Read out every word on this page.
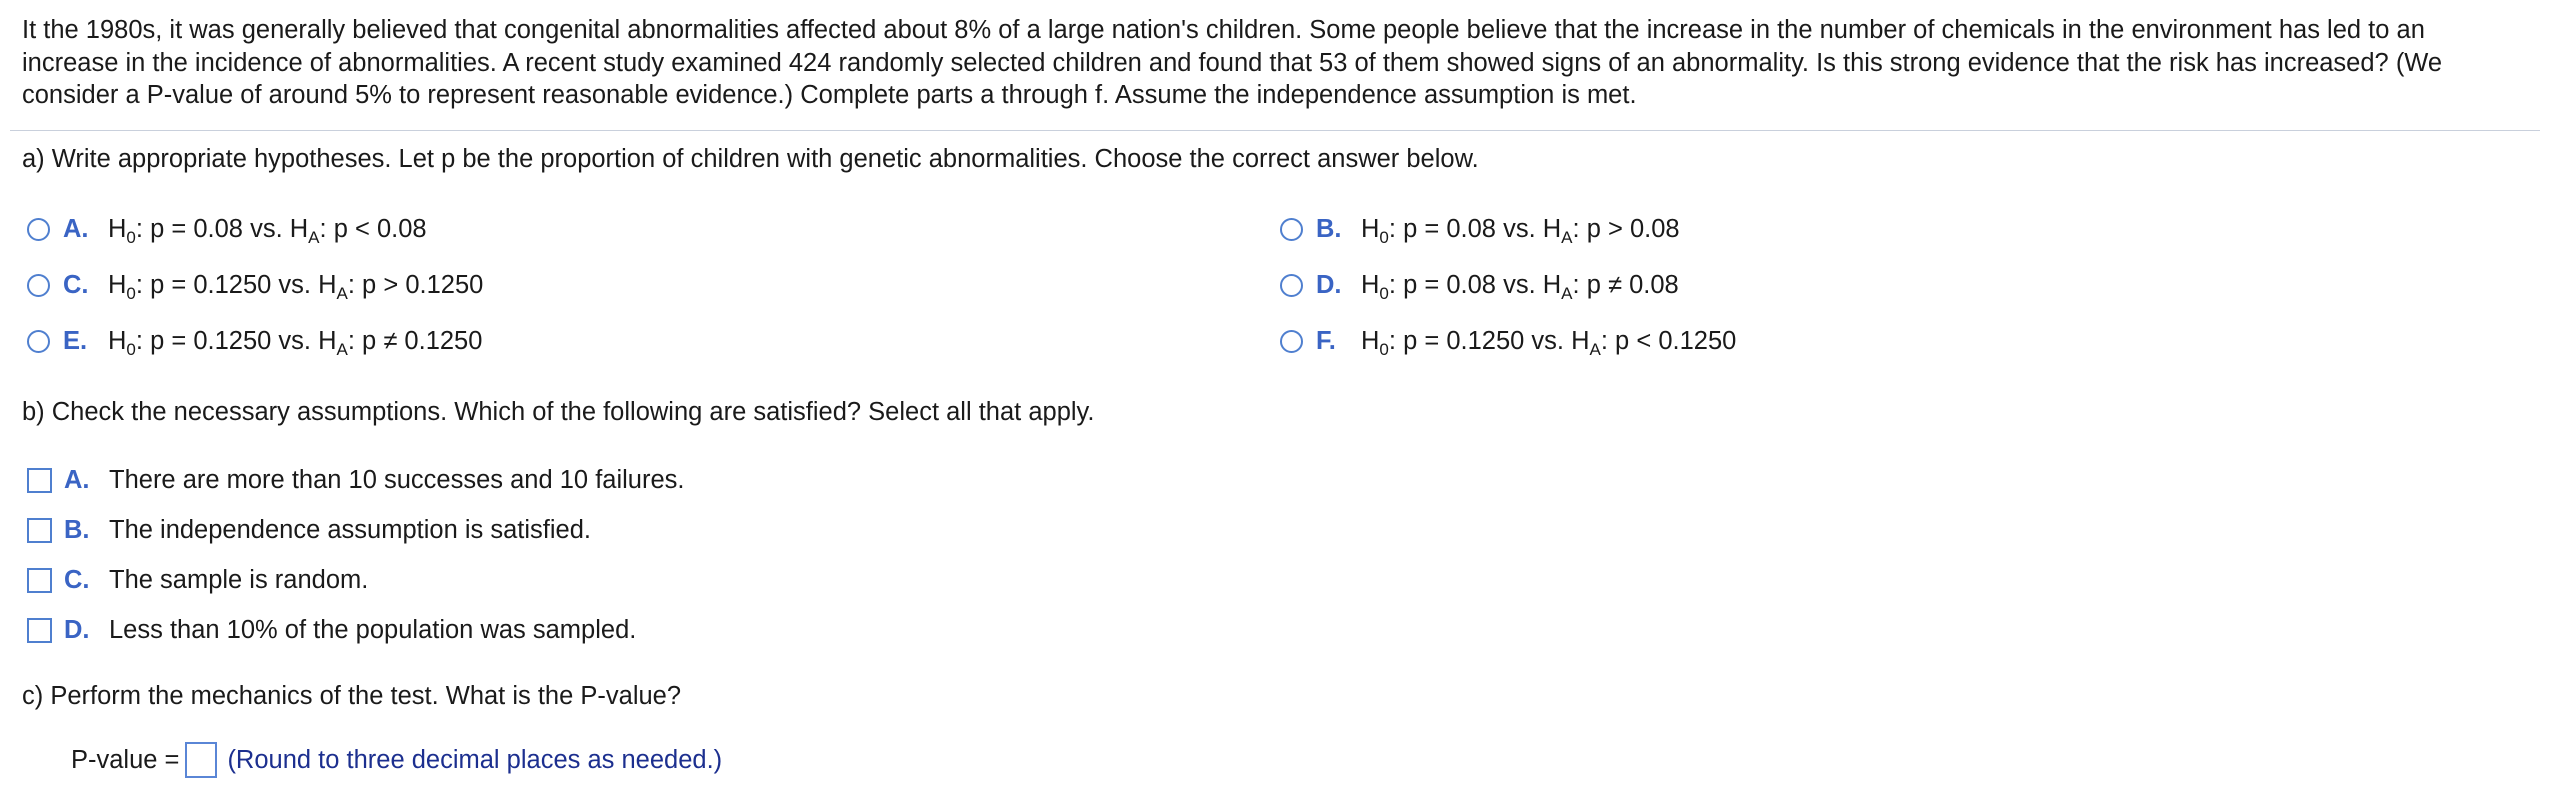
It the 1980s, it was generally believed that congenital abnormalities affected about 8% of a large nation's children. Some people believe that the increase in the number of chemicals in the environment has led to an increase in the incidence of abnormalities. A recent study examined 424 randomly selected children and found that 53 of them showed signs of an abnormality. Is this strong evidence that the risk has increased? (We consider a P-value of around 5% to represent reasonable evidence.) Complete parts a through f. Assume the independence assumption is met.
a) Write appropriate hypotheses. Let p be the proportion of children with genetic abnormalities. Choose the correct answer below.
A. $H_0$: p = 0.08 vs. $H_A$: p < 0.08	B. $H_0$: p = 0.08 vs. $H_A$: p > 0.08
C. $H_0$: p = 0.1250 vs. $H_A$: p > 0.1250	D. $H_0$: p = 0.08 vs. $H_A$: p ≠ 0.08
E. $H_0$: p = 0.1250 vs. $H_A$: p ≠ 0.1250	F. $H_0$: p = 0.1250 vs. $H_A$: p < 0.1250
b) Check the necessary assumptions. Which of the following are satisfied? Select all that apply.
A. There are more than 10 successes and 10 failures.
B. The independence assumption is satisfied.
C. The sample is random.
D. Less than 10% of the population was sampled.
c) Perform the mechanics of the test. What is the P-value?
P-value = (Round to three decimal places as needed.)
